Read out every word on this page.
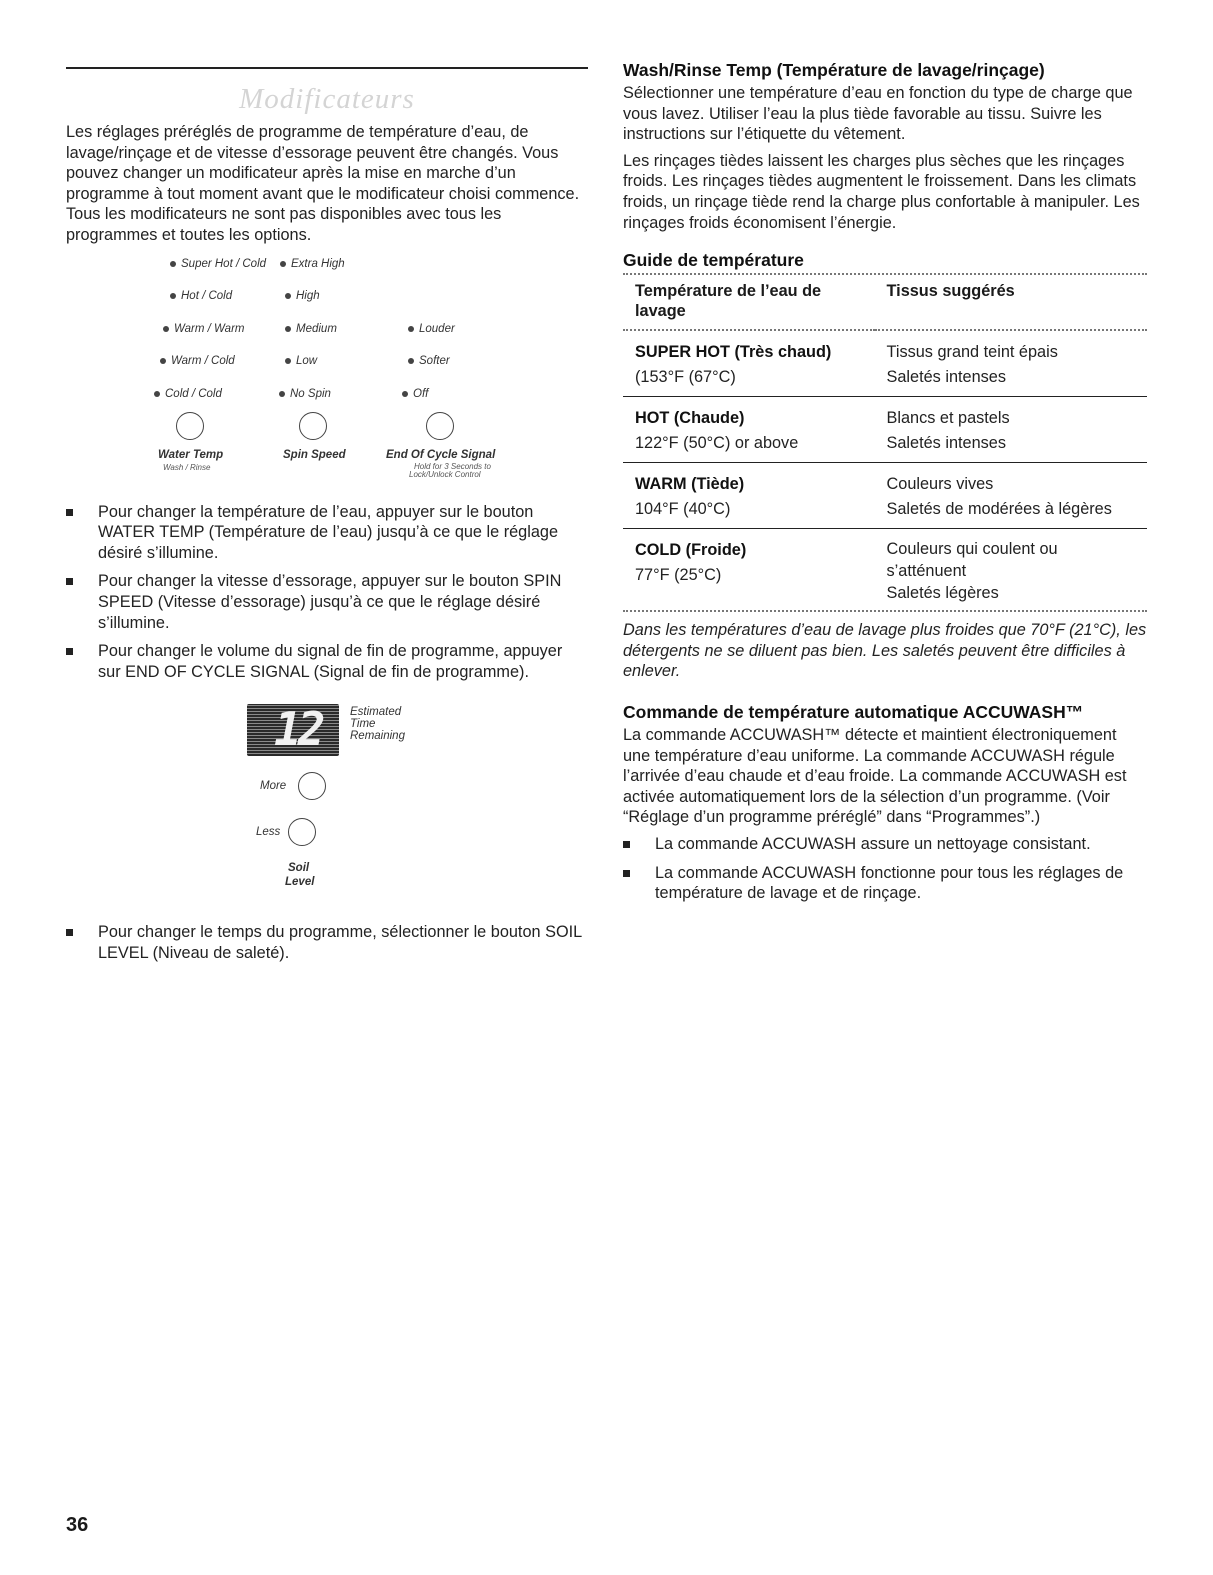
Modificateurs

Les réglages préréglés de programme de température d’eau, de lavage/rinçage et de vitesse d’essorage peuvent être changés. Vous pouvez changer un modificateur après la mise en marche d’un programme à tout moment avant que le modificateur choisi commence. Tous les modificateurs ne sont pas disponibles avec tous les programmes et toutes les options.

Super Hot / Cold
Hot / Cold
Warm / Warm
Warm / Cold
Cold / Cold
Extra High
High
Medium
Low
No Spin
Louder
Softer
Off
Water Temp
Wash / Rinse
Spin Speed	End Of Cycle Signal
Hold for 3 Seconds to
Lock/Unlock Control
Pour changer la température de l’eau, appuyer sur le bouton WATER TEMP (Température de l’eau) jusqu’à ce que le réglage désiré s’illumine.
Pour changer la vitesse d’essorage, appuyer sur le bouton SPIN SPEED (Vitesse d’essorage) jusqu’à ce que le réglage désiré s’illumine.
Pour changer le volume du signal de fin de programme, appuyer sur END OF CYCLE SIGNAL (Signal de fin de programme).
12 Estimated
Time
Remaining
More
Less
Soil
Level
Pour changer le temps du programme, sélectionner le bouton SOIL LEVEL (Niveau de saleté).
Wash/Rinse Temp (Température de lavage/rinçage)

Sélectionner une température d’eau en fonction du type de charge que vous lavez. Utiliser l’eau la plus tiède favorable au tissu. Suivre les instructions sur l’étiquette du vêtement.

Les rinçages tièdes laissent les charges plus sèches que les rinçages froids. Les rinçages tièdes augmentent le froissement. Dans les climats froids, un rinçage tiède rend la charge plus confortable à manipuler. Les rinçages froids économisent l’énergie.

Guide de température
Température de l’eau de lavage	Tissus suggérés
SUPER HOT (Très chaud)
(153°F (67°C)	Tissus grand teint épais
Saletés intenses
HOT (Chaude)
122°F (50°C) or above	Blancs et pastels
Saletés intenses
WARM (Tiède)
104°F (40°C)	Couleurs vives
Saletés de modérées à légères
COLD (Froide)
77°F (25°C)	Couleurs qui coulent ou
s’atténuent
Saletés légères

Dans les températures d’eau de lavage plus froides que 70°F (21°C), les détergents ne se diluent pas bien. Les saletés peuvent être difficiles à enlever.

Commande de température automatique ACCUWASH™

La commande ACCUWASH™ détecte et maintient électroniquement une température d’eau uniforme. La commande ACCUWASH régule l’arrivée d’eau chaude et d’eau froide. La commande ACCUWASH est activée automatiquement lors de la sélection d’un programme. (Voir “Réglage d’un programme préréglé” dans “Programmes”.)

La commande ACCUWASH assure un nettoyage consistant.
La commande ACCUWASH fonctionne pour tous les réglages de température de lavage et de rinçage.
36
